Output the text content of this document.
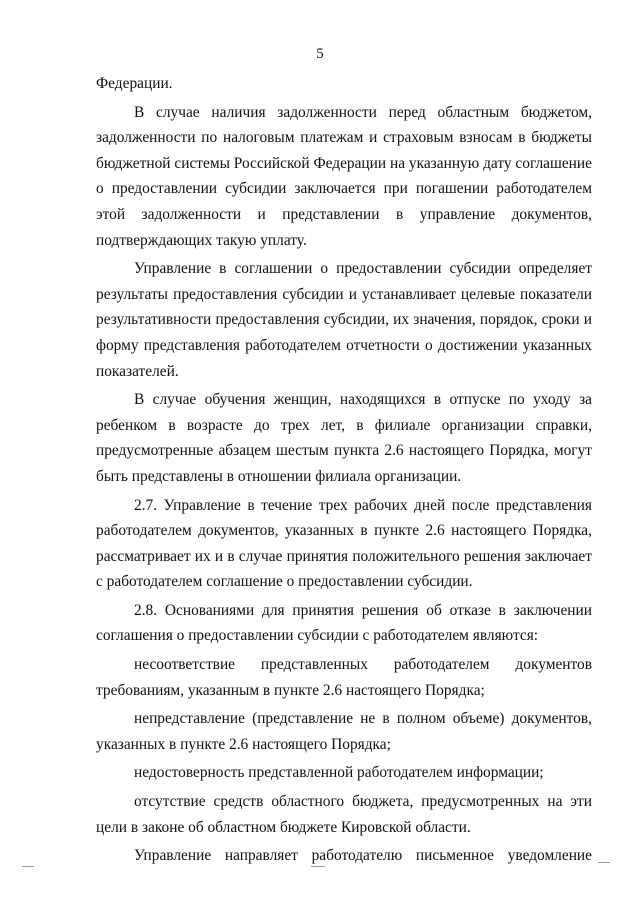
5

Федерации.

В случае наличия задолженности перед областным бюджетом, задолженности по налоговым платежам и страховым взносам в бюджеты бюджетной системы Российской Федерации на указанную дату соглашение о предоставлении субсидии заключается при погашении работодателем этой задолженности и представлении в управление документов, подтверждающих такую уплату.

Управление в соглашении о предоставлении субсидии определяет результаты предоставления субсидии и устанавливает целевые показатели результативности предоставления субсидии, их значения, порядок, сроки и форму представления работодателем отчетности о достижении указанных показателей.

В случае обучения женщин, находящихся в отпуске по уходу за ребенком в возрасте до трех лет, в филиале организации справки, предусмотренные абзацем шестым пункта 2.6 настоящего Порядка, могут быть представлены в отношении филиала организации.

2.7. Управление в течение трех рабочих дней после представления работодателем документов, указанных в пункте 2.6 настоящего Порядка, рассматривает их и в случае принятия положительного решения заключает с работодателем соглашение о предоставлении субсидии.

2.8. Основаниями для принятия решения об отказе в заключении соглашения о предоставлении субсидии с работодателем являются:

несоответствие представленных работодателем документов требованиям, указанным в пункте 2.6 настоящего Порядка;

непредставление (представление не в полном объеме) документов, указанных в пункте 2.6 настоящего Порядка;

недостоверность представленной работодателем информации;

отсутствие средств областного бюджета, предусмотренных на эти цели в законе об областном бюджете Кировской области.

Управление направляет работодателю письменное уведомление
